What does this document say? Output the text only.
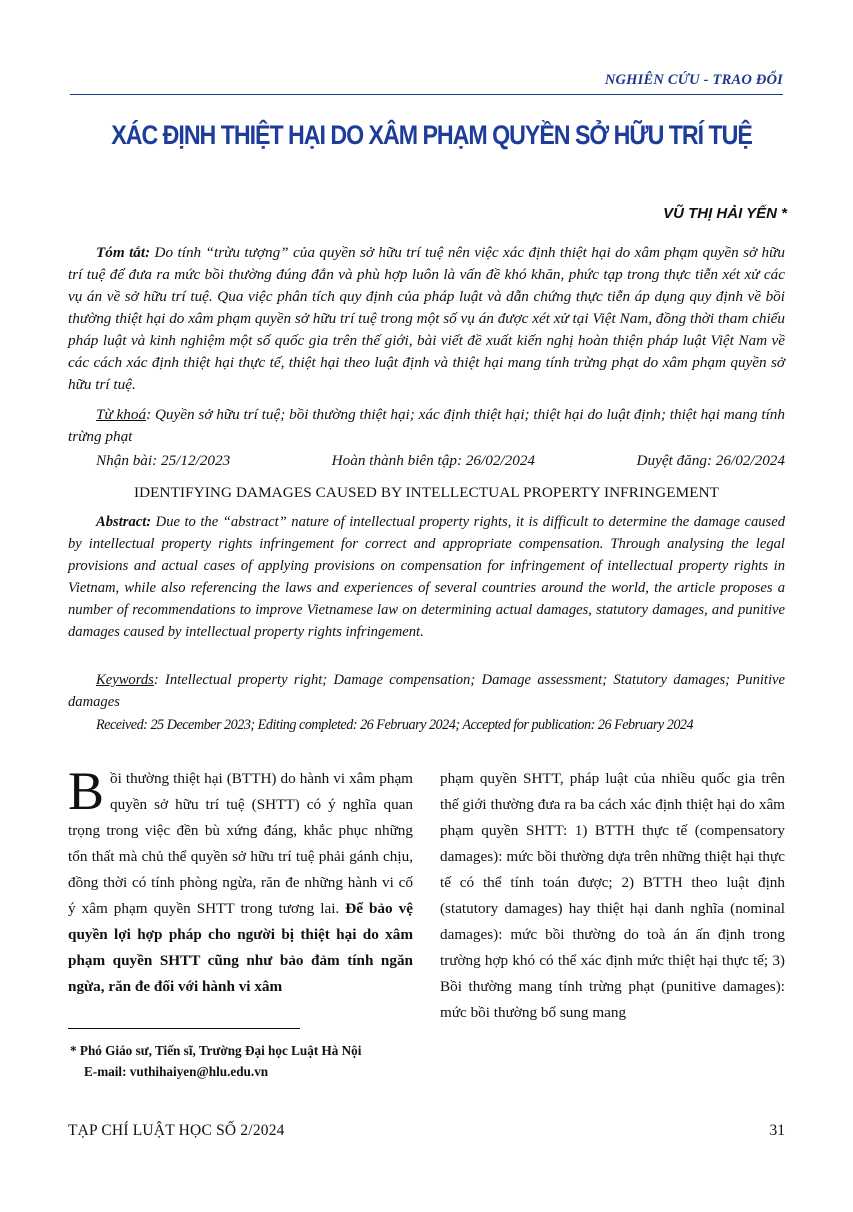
NGHIÊN CỨU - TRAO ĐỔI
XÁC ĐỊNH THIỆT HẠI DO XÂM PHẠM QUYỀN SỞ HỮU TRÍ TUỆ
VŨ THỊ HẢI YẾN *

Tóm tắt: Do tính “trừu tượng” của quyền sở hữu trí tuệ nên việc xác định thiệt hại do xâm phạm quyền sở hữu trí tuệ để đưa ra mức bồi thường đúng đắn và phù hợp luôn là vấn đề khó khăn, phức tạp trong thực tiễn xét xử các vụ án về sở hữu trí tuệ. Qua việc phân tích quy định của pháp luật và dẫn chứng thực tiễn áp dụng quy định về bồi thường thiệt hại do xâm phạm quyền sở hữu trí tuệ trong một số vụ án được xét xử tại Việt Nam, đồng thời tham chiếu pháp luật và kinh nghiệm một số quốc gia trên thế giới, bài viết đề xuất kiến nghị hoàn thiện pháp luật Việt Nam về các cách xác định thiệt hại thực tế, thiệt hại theo luật định và thiệt hại mang tính trừng phạt do xâm phạm quyền sở hữu trí tuệ.

Từ khoá: Quyền sở hữu trí tuệ; bồi thường thiệt hại; xác định thiệt hại; thiệt hại do luật định; thiệt hại mang tính trừng phạt

Nhận bài: 25/12/2023	Hoàn thành biên tập: 26/02/2024	Duyệt đăng: 26/02/2024
IDENTIFYING DAMAGES CAUSED BY INTELLECTUAL PROPERTY INFRINGEMENT

Abstract: Due to the “abstract” nature of intellectual property rights, it is difficult to determine the damage caused by intellectual property rights infringement for correct and appropriate compensation. Through analysing the legal provisions and actual cases of applying provisions on compensation for infringement of intellectual property rights in Vietnam, while also referencing the laws and experiences of several countries around the world, the article proposes a number of recommendations to improve Vietnamese law on determining actual damages, statutory damages, and punitive damages caused by intellectual property rights infringement.

Keywords: Intellectual property right; Damage compensation; Damage assessment; Statutory damages; Punitive damages

Received: 25 December 2023; Editing completed: 26 February 2024; Accepted for publication: 26 February 2024

Bồi thường thiệt hại (BTTH) do hành vi xâm phạm quyền sở hữu trí tuệ (SHTT) có ý nghĩa quan trọng trong việc đền bù xứng đáng, khắc phục những tổn thất mà chủ thể quyền sở hữu trí tuệ phải gánh chịu, đồng thời có tính phòng ngừa, răn đe những hành vi cố ý xâm phạm quyền SHTT trong tương lai. Để bảo vệ quyền lợi hợp pháp cho người bị thiệt hại do xâm phạm quyền SHTT cũng như bảo đảm tính ngăn ngừa, răn đe đối với hành vi xâm

phạm quyền SHTT, pháp luật của nhiều quốc gia trên thế giới thường đưa ra ba cách xác định thiệt hại do xâm phạm quyền SHTT: 1) BTTH thực tế (compensatory damages): mức bồi thường dựa trên những thiệt hại thực tế có thể tính toán được; 2) BTTH theo luật định (statutory damages) hay thiệt hại danh nghĩa (nominal damages): mức bồi thường do toà án ấn định trong trường hợp khó có thể xác định mức thiệt hại thực tế; 3) Bồi thường mang tính trừng phạt (punitive damages): mức bồi thường bổ sung mang

* Phó Giáo sư, Tiến sĩ, Trường Đại học Luật Hà Nội
E-mail: vuthihaiyen@hlu.edu.vn
TẠP CHÍ LUẬT HỌC SỐ 2/2024	31
